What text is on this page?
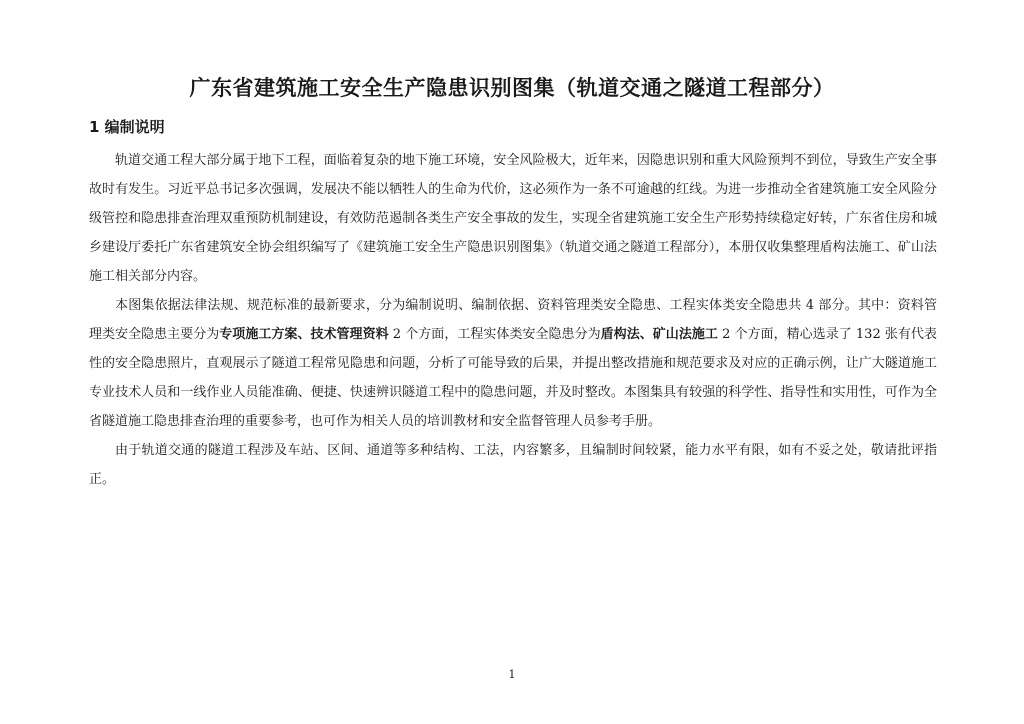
广东省建筑施工安全生产隐患识别图集（轨道交通之隧道工程部分）
1 编制说明

轨道交通工程大部分属于地下工程，面临着复杂的地下施工环境，安全风险极大，近年来，因隐患识别和重大风险预判不到位，导致生产安全事故时有发生。习近平总书记多次强调，发展决不能以牺牲人的生命为代价，这必须作为一条不可逾越的红线。为进一步推动全省建筑施工安全风险分级管控和隐患排查治理双重预防机制建设，有效防范遏制各类生产安全事故的发生，实现全省建筑施工安全生产形势持续稳定好转，广东省住房和城乡建设厅委托广东省建筑安全协会组织编写了《建筑施工安全生产隐患识别图集》（轨道交通之隧道工程部分），本册仅收集整理盾构法施工、矿山法施工相关部分内容。

本图集依据法律法规、规范标准的最新要求，分为编制说明、编制依据、资料管理类安全隐患、工程实体类安全隐患共 4 部分。其中：资料管理类安全隐患主要分为专项施工方案、技术管理资料 2 个方面，工程实体类安全隐患分为盾构法、矿山法施工 2 个方面，精心选录了 132 张有代表性的安全隐患照片，直观展示了隧道工程常见隐患和问题，分析了可能导致的后果，并提出整改措施和规范要求及对应的正确示例，让广大隧道施工专业技术人员和一线作业人员能准确、便捷、快速辨识隧道工程中的隐患问题，并及时整改。本图集具有较强的科学性、指导性和实用性，可作为全省隧道施工隐患排查治理的重要参考，也可作为相关人员的培训教材和安全监督管理人员参考手册。

由于轨道交通的隧道工程涉及车站、区间、通道等多种结构、工法，内容繁多，且编制时间较紧，能力水平有限，如有不妥之处，敬请批评指正。

1
